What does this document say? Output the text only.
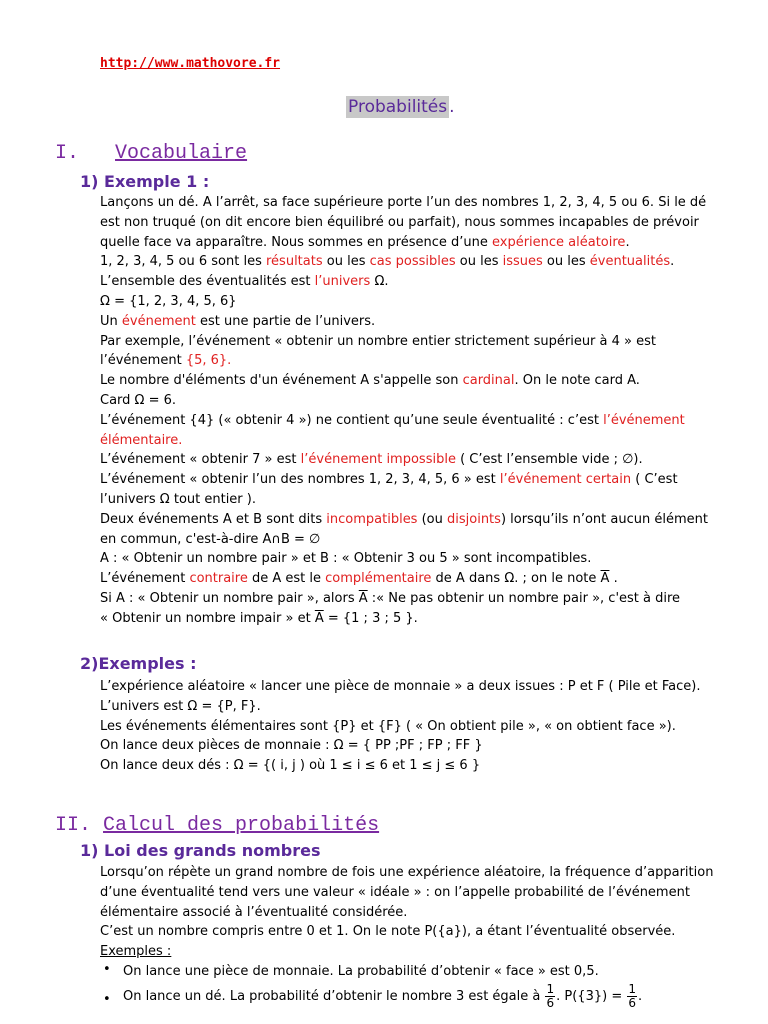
http://www.mathovore.fr
Probabilités .
I. Vocabulaire
1) Exemple 1 :
Lançons un dé. A l’arrêt, sa face supérieure porte l’un des nombres 1, 2, 3, 4, 5 ou 6. Si le dé
est non truqué (on dit encore bien équilibré ou parfait), nous sommes incapables de prévoir
quelle face va apparaître. Nous sommes en présence d’une expérience aléatoire.
1, 2, 3, 4, 5 ou 6 sont les résultats ou les cas possibles ou les issues ou les éventualités.
L’ensemble des éventualités est l’univers Ω.
Ω = {1, 2, 3, 4, 5, 6}
Un événement est une partie de l’univers.
Par exemple, l’événement « obtenir un nombre entier strictement supérieur à 4 » est
l’événement {5, 6}.
Le nombre d'éléments d'un événement A s'appelle son cardinal. On le note card A.
Card Ω = 6.
L’événement {4} (« obtenir 4 ») ne contient qu’une seule éventualité : c’est l’événement
élémentaire.
L’événement « obtenir 7 » est l’événement impossible ( C’est l’ensemble vide ; ∅).
L’événement « obtenir l’un des nombres 1, 2, 3, 4, 5, 6 » est l’événement certain ( C’est
l’univers Ω tout entier ).
Deux événements A et B sont dits incompatibles (ou disjoints) lorsqu’ils n’ont aucun élément
en commun, c'est-à-dire A∩B = ∅
A : « Obtenir un nombre pair » et B : « Obtenir 3 ou 5 » sont incompatibles.
L’événement contraire de A est le complémentaire de A dans Ω. ; on le note $\overline{A}$ .
Si A : « Obtenir un nombre pair », alors $\overline{A}$ :« Ne pas obtenir un nombre pair », c'est à dire
« Obtenir un nombre impair » et $\overline{A} = \{1$ ; 3 ; 5 }.
2)Exemples :
L’expérience aléatoire « lancer une pièce de monnaie » a deux issues : P et F ( Pile et Face).
L’univers est Ω = {P, F}.
Les événements élémentaires sont {P} et {F} ( « On obtient pile », « on obtient face »).
On lance deux pièces de monnaie : Ω = { PP ;PF ; FP ; FF }
On lance deux dés : Ω = {( i, j ) où 1 ≤ i ≤ 6 et 1 ≤ j ≤ 6 }
II. Calcul des probabilités
1) Loi des grands nombres
Lorsqu’on répète un grand nombre de fois une expérience aléatoire, la fréquence d’apparition
d’une éventualité tend vers une valeur « idéale » : on l’appelle probabilité de l’événement
élémentaire associé à l’éventualité considérée.
C’est un nombre compris entre 0 et 1. On le note P({a}), a étant l’éventualité observée.
Exemples :
• On lance une pièce de monnaie. La probabilité d’obtenir « face » est 0,5.
• On lance un dé. La probabilité d’obtenir le nombre 3 est égale à $\frac{1}{6}$ . $P(\{3\}) = \frac{1}{6}$ .
